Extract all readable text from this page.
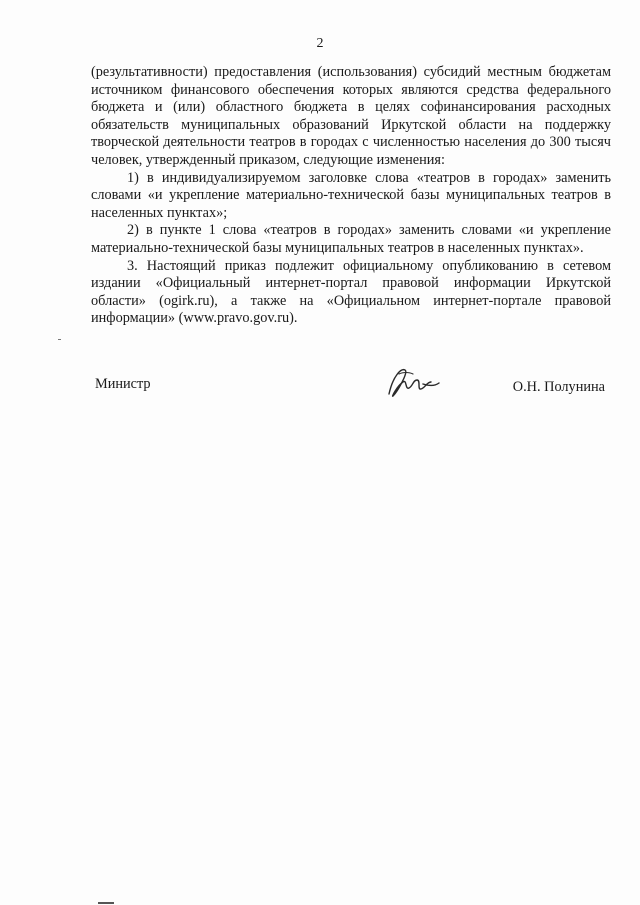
2

(результативности) предоставления (использования) субсидий местным бюджетам источником финансового обеспечения которых являются средства федерального бюджета и (или) областного бюджета в целях софинансирования расходных обязательств муниципальных образований Иркутской области на поддержку творческой деятельности театров в городах с численностью населения до 300 тысяч человек, утвержденный приказом, следующие изменения:

1) в индивидуализируемом заголовке слова «театров в городах» заменить словами «и укрепление материально-технической базы муниципальных театров в населенных пунктах»;

2) в пункте 1 слова «театров в городах» заменить словами «и укрепление материально-технической базы муниципальных театров в населенных пунктах».

3. Настоящий приказ подлежит официальному опубликованию в сетевом издании «Официальный интернет-портал правовой информации Иркутской области» (ogirk.ru), а также на «Официальном интернет-портале правовой информации» (www.pravo.gov.ru).

Министр	О.Н. Полунина
